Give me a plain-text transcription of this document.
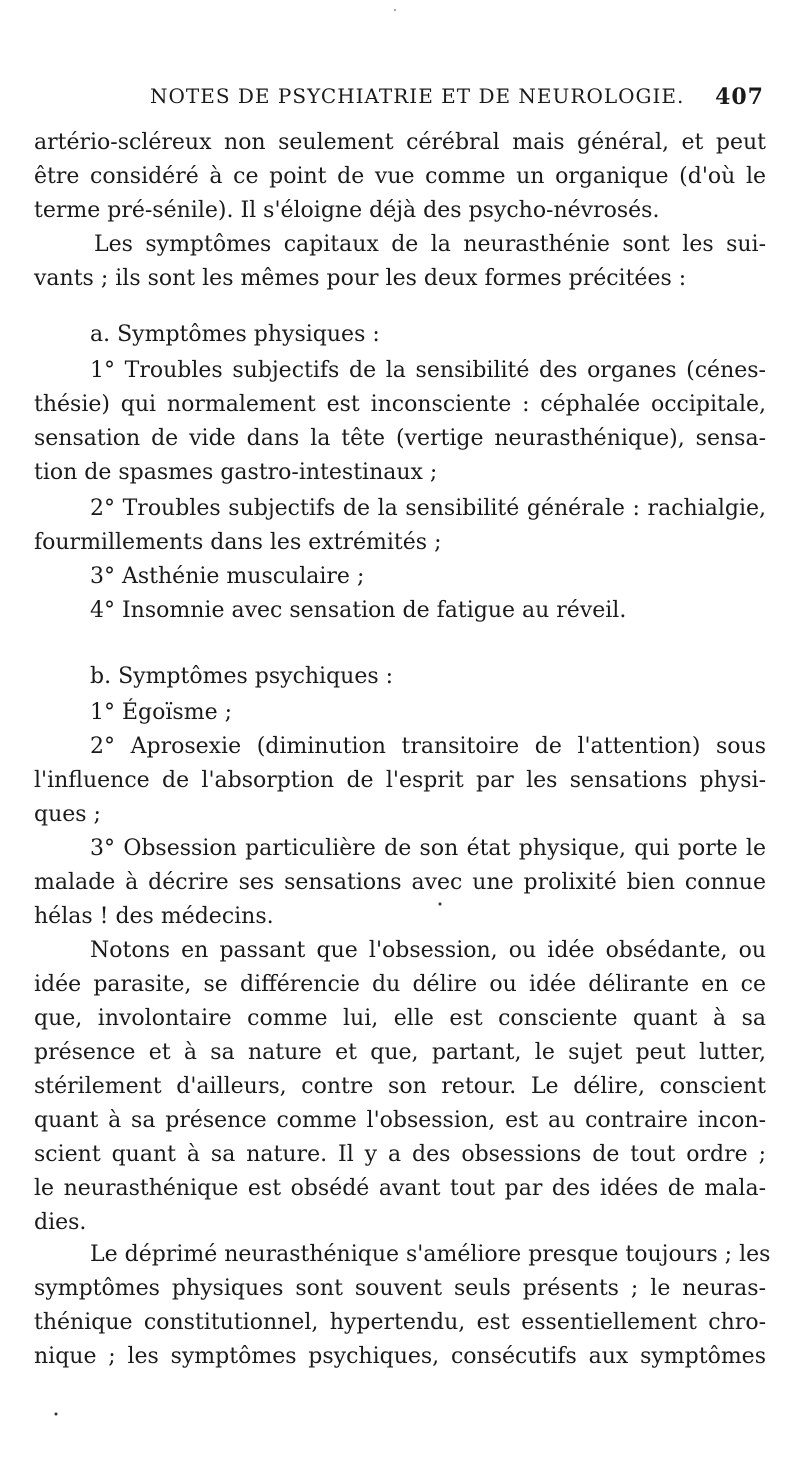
NOTES DE PSYCHIATRIE ET DE NEUROLOGIE. 407
artério-scléreux non seulement cérébral mais général, et peut
être considéré à ce point de vue comme un organique (d'où le
terme pré-sénile). Il s'éloigne déjà des psycho-névrosés.
Les symptômes capitaux de la neurasthénie sont les sui-
vants ; ils sont les mêmes pour les deux formes précitées :
a. Symptômes physiques :
1° Troubles subjectifs de la sensibilité des organes (cénes-
thésie) qui normalement est inconsciente : céphalée occipitale,
sensation de vide dans la tête (vertige neurasthénique), sensa-
tion de spasmes gastro-intestinaux ;
2° Troubles subjectifs de la sensibilité générale : rachialgie,
fourmillements dans les extrémités ;
3° Asthénie musculaire ;
4° Insomnie avec sensation de fatigue au réveil.
b. Symptômes psychiques :
1° Égoïsme ;
2° Aprosexie (diminution transitoire de l'attention) sous
l'influence de l'absorption de l'esprit par les sensations physi-
ques ;
3° Obsession particulière de son état physique, qui porte le
malade à décrire ses sensations avec une prolixité bien connue
hélas ! des médecins.
Notons en passant que l'obsession, ou idée obsédante, ou
idée parasite, se différencie du délire ou idée délirante en ce
que, involontaire comme lui, elle est consciente quant à sa
présence et à sa nature et que, partant, le sujet peut lutter,
stérilement d'ailleurs, contre son retour. Le délire, conscient
quant à sa présence comme l'obsession, est au contraire incon-
scient quant à sa nature. Il y a des obsessions de tout ordre ;
le neurasthénique est obsédé avant tout par des idées de mala-
dies.
Le déprimé neurasthénique s'améliore presque toujours ; les
symptômes physiques sont souvent seuls présents ; le neuras-
thénique constitutionnel, hypertendu, est essentiellement chro-
nique ; les symptômes psychiques, consécutifs aux symptômes
